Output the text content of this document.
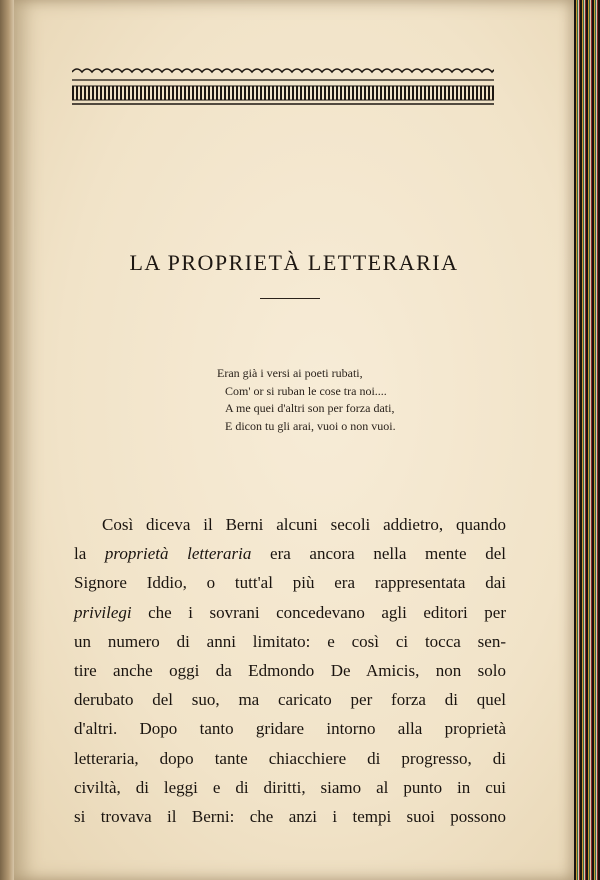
LA PROPRIETÀ LETTERARIA
Eran già i versi ai poeti rubati,
Com' or si ruban le cose tra noi....
A me quei d'altri son per forza dati,
E dicon tu gli arai, vuoi o non vuoi.
Così diceva il Berni alcuni secoli addietro, quando
la proprietà letteraria era ancora nella mente del
Signore Iddio, o tutt'al più era rappresentata dai
privilegi che i sovrani concedevano agli editori per
un numero di anni limitato: e così ci tocca sen-
tire anche oggi da Edmondo De Amicis, non solo
derubato del suo, ma caricato per forza di quel
d'altri. Dopo tanto gridare intorno alla proprietà
letteraria, dopo tante chiacchiere di progresso, di
civiltà, di leggi e di diritti, siamo al punto in cui
si trovava il Berni: che anzi i tempi suoi possono
